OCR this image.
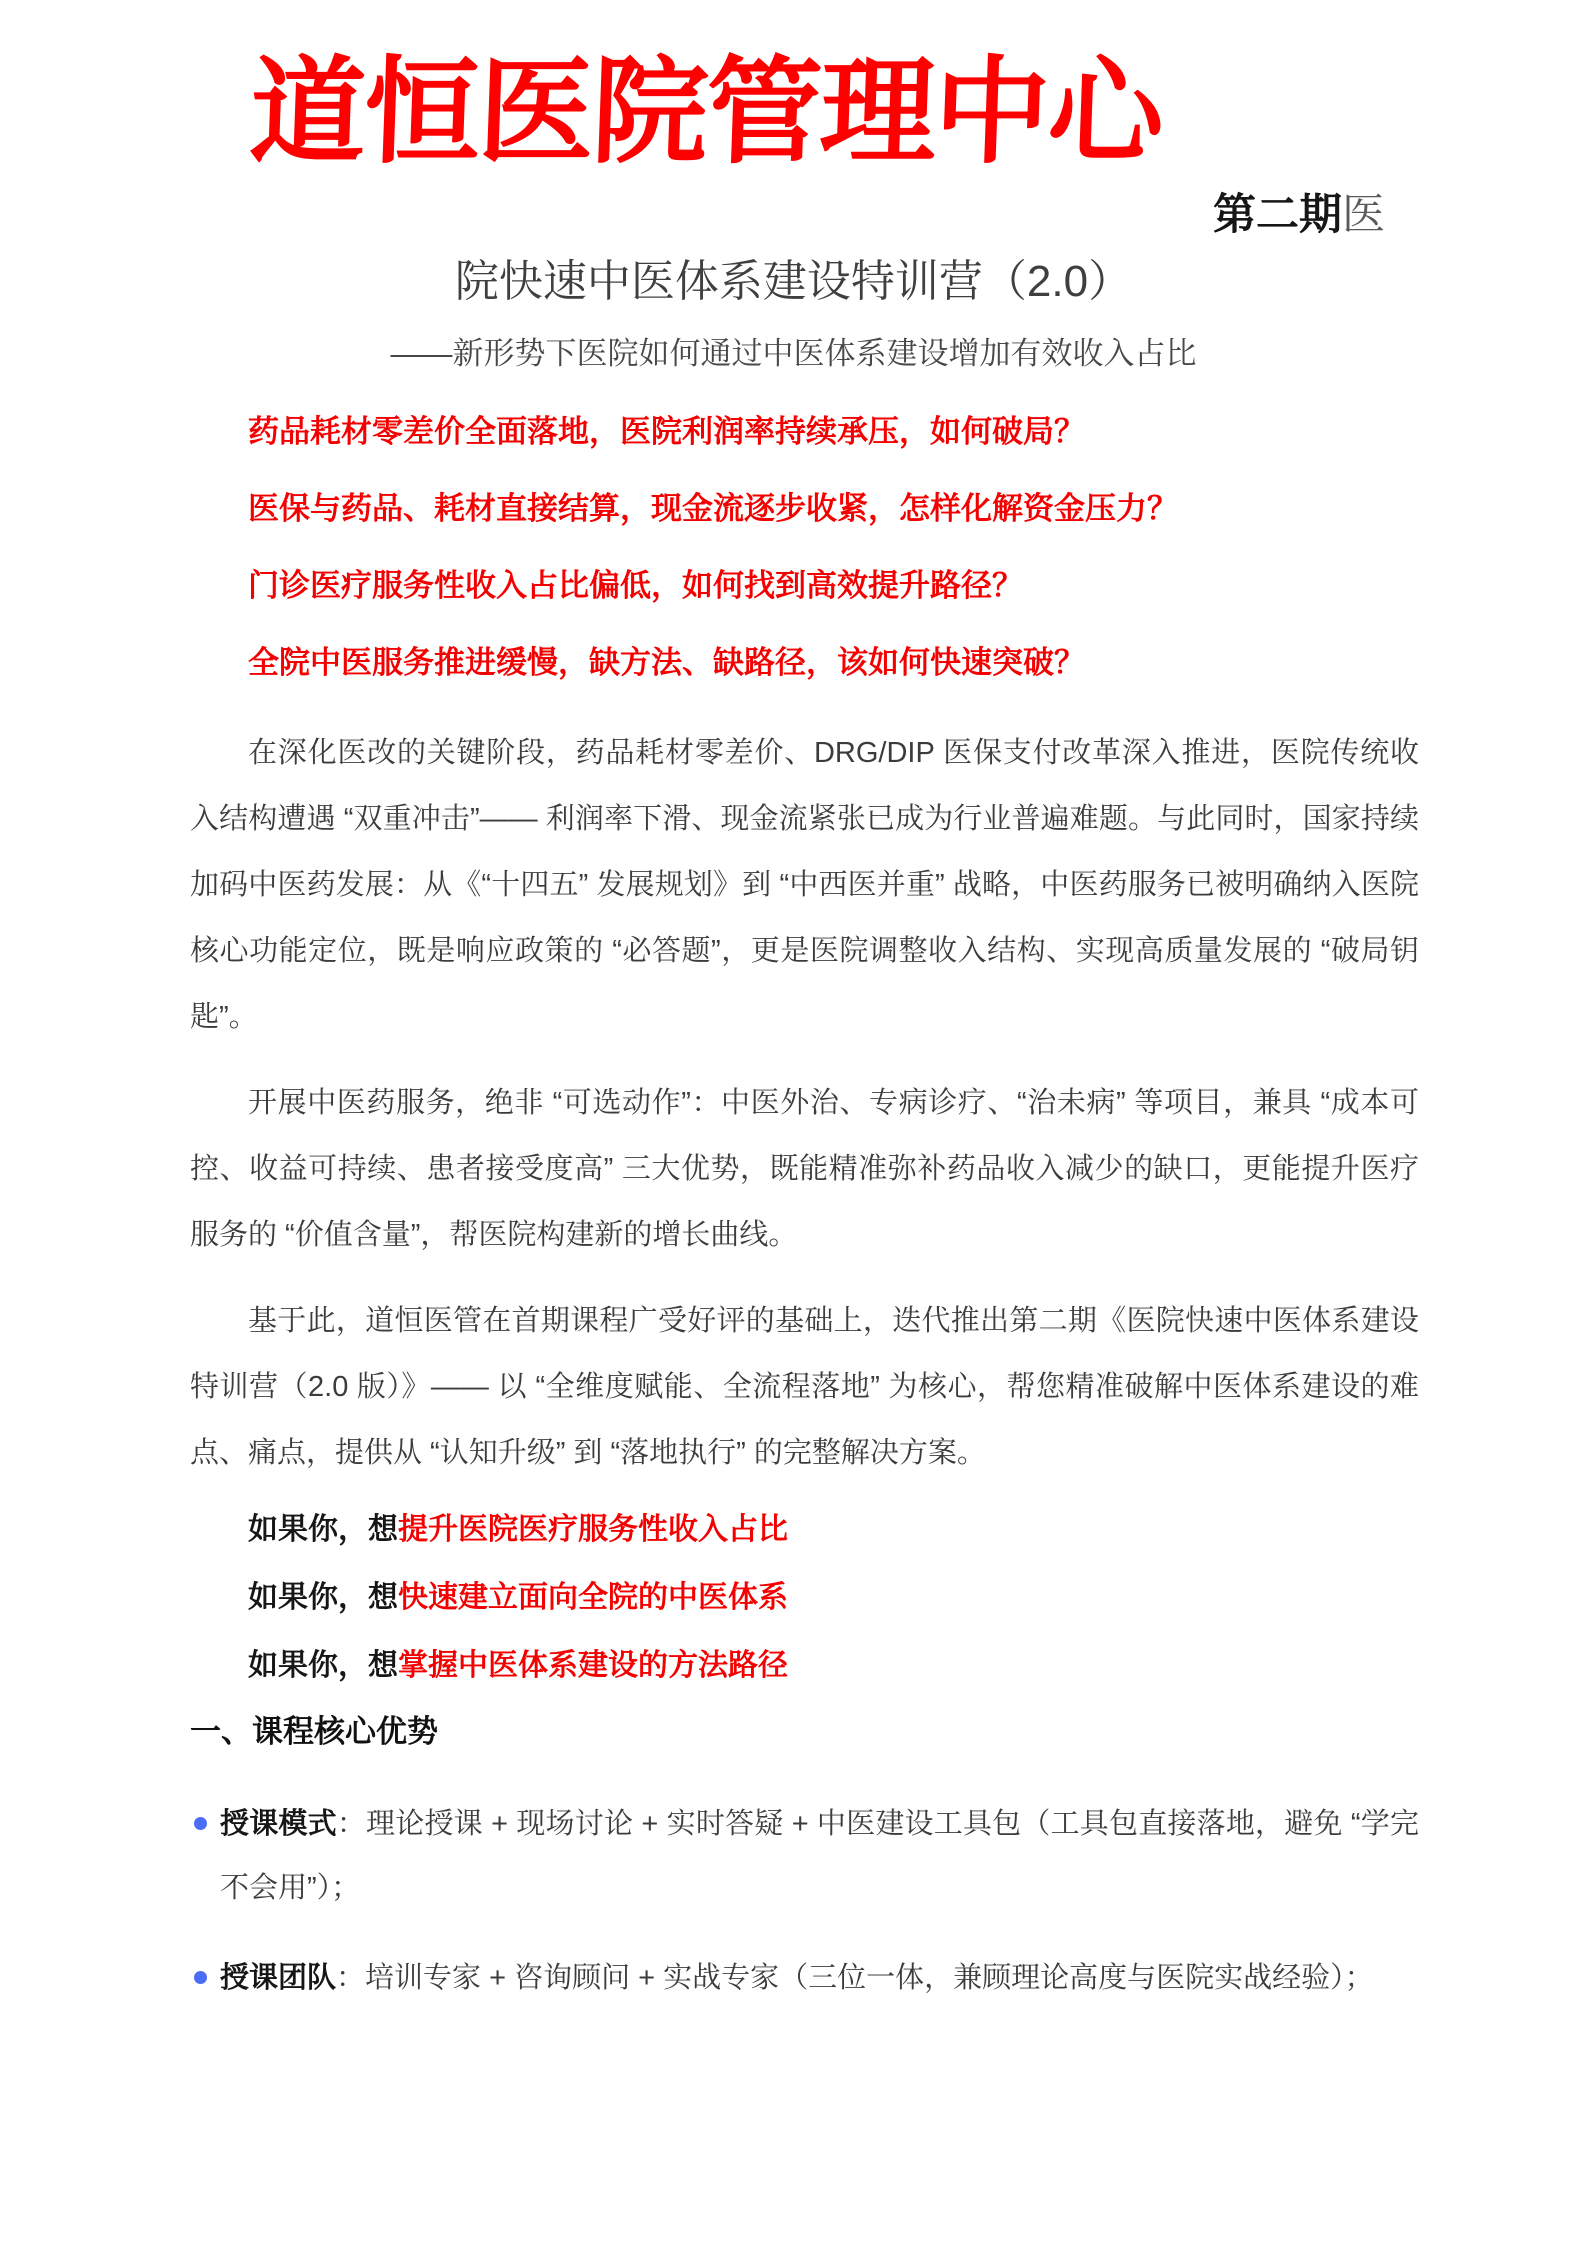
道恒医院管理中心
第二期医
院快速中医体系建设特训营（2.0）
——新形势下医院如何通过中医体系建设增加有效收入占比

药品耗材零差价全面落地，医院利润率持续承压，如何破局？

医保与药品、耗材直接结算，现金流逐步收紧，怎样化解资金压力？

门诊医疗服务性收入占比偏低，如何找到高效提升路径？

全院中医服务推进缓慢，缺方法、缺路径，该如何快速突破？

在深化医改的关键阶段，药品耗材零差价、DRG/DIP 医保支付改革深入推进，医院传统收入结构遭遇 “双重冲击”—— 利润率下滑、现金流紧张已成为行业普遍难题。与此同时，国家持续加码中医药发展：从《“十四五” 发展规划》到 “中西医并重” 战略，中医药服务已被明确纳入医院核心功能定位，既是响应政策的 “必答题”，更是医院调整收入结构、实现高质量发展的 “破局钥匙”。

开展中医药服务，绝非 “可选动作”：中医外治、专病诊疗、“治未病” 等项目，兼具 “成本可控、收益可持续、患者接受度高” 三大优势，既能精准弥补药品收入减少的缺口，更能提升医疗服务的 “价值含量”，帮医院构建新的增长曲线。

基于此，道恒医管在首期课程广受好评的基础上，迭代推出第二期《医院快速中医体系建设特训营（2.0 版）》—— 以 “全维度赋能、全流程落地” 为核心，帮您精准破解中医体系建设的难点、痛点，提供从 “认知升级” 到 “落地执行” 的完整解决方案。

如果你，想提升医院医疗服务性收入占比

如果你，想快速建立面向全院的中医体系

如果你，想掌握中医体系建设的方法路径

一、课程核心优势
授课模式：理论授课 + 现场讨论 + 实时答疑 + 中医建设工具包（工具包直接落地，避免 “学完不会用”）；
授课团队：培训专家 + 咨询顾问 + 实战专家（三位一体，兼顾理论高度与医院实战经验）；
